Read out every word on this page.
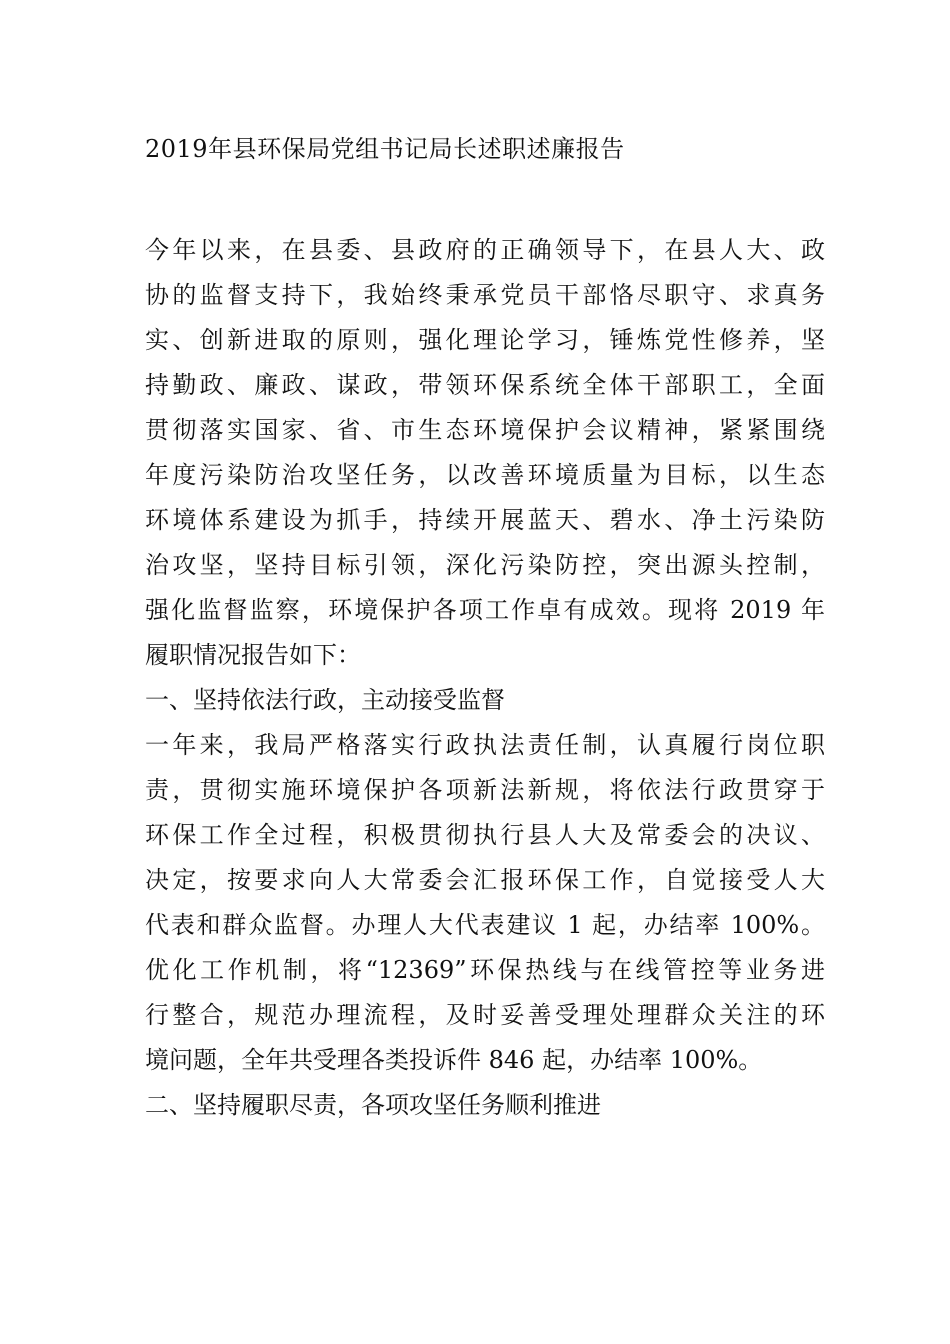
2019年县环保局党组书记局长述职述廉报告
今年以来，在县委、县政府的正确领导下，在县人大、政
协的监督支持下，我始终秉承党员干部恪尽职守、求真务
实、创新进取的原则，强化理论学习，锤炼党性修养，坚
持勤政、廉政、谋政，带领环保系统全体干部职工，全面
贯彻落实国家、省、市生态环境保护会议精神，紧紧围绕
年度污染防治攻坚任务，以改善环境质量为目标，以生态
环境体系建设为抓手，持续开展蓝天、碧水、净土污染防
治攻坚，坚持目标引领，深化污染防控，突出源头控制，
强化监督监察，环境保护各项工作卓有成效。现将 2019 年
履职情况报告如下：
一、坚持依法行政，主动接受监督
一年来，我局严格落实行政执法责任制，认真履行岗位职
责，贯彻实施环境保护各项新法新规，将依法行政贯穿于
环保工作全过程，积极贯彻执行县人大及常委会的决议、
决定，按要求向人大常委会汇报环保工作，自觉接受人大
代表和群众监督。办理人大代表建议 1 起，办结率 100%。
优化工作机制，将“12369”环保热线与在线管控等业务进
行整合，规范办理流程，及时妥善受理处理群众关注的环
境问题，全年共受理各类投诉件 846 起，办结率 100%。
二、坚持履职尽责，各项攻坚任务顺利推进
